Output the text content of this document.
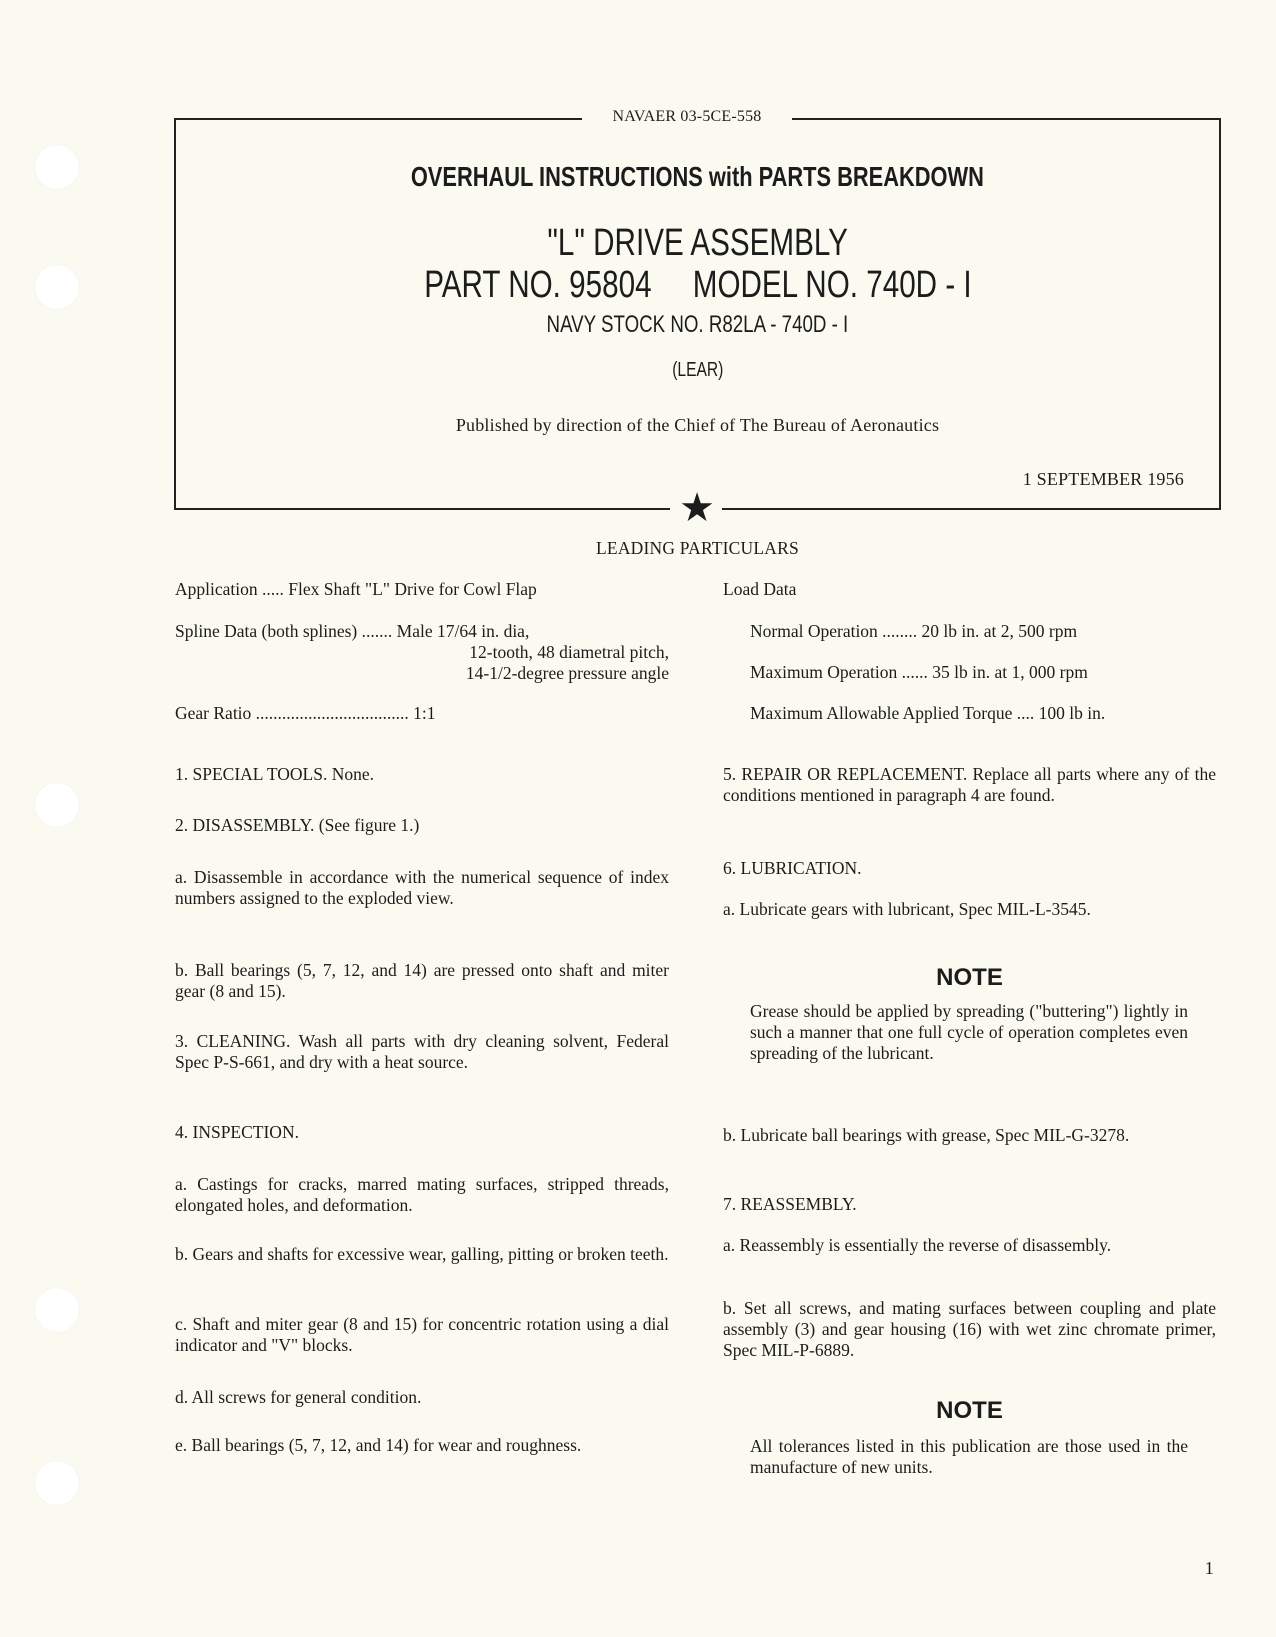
NAVAER 03-5CE-558
★
OVERHAUL INSTRUCTIONS with PARTS BREAKDOWN
"L" DRIVE ASSEMBLY
PART NO. 95804 MODEL NO. 740D - I
NAVY STOCK NO. R82LA - 740D - I
(LEAR)
Published by direction of the Chief of The Bureau of Aeronautics
1 SEPTEMBER 1956
LEADING PARTICULARS
Application ..... Flex Shaft "L" Drive for Cowl Flap
Spline Data (both splines) ....... Male 17/64 in. dia,
12-tooth, 48 diametral pitch,
14-1/2-degree pressure angle
Gear Ratio ................................... 1:1
Load Data
Normal Operation ........ 20 lb in. at 2, 500 rpm
Maximum Operation ...... 35 lb in. at 1, 000 rpm
Maximum Allowable Applied Torque .... 100 lb in.
1. SPECIAL TOOLS. None.
2. DISASSEMBLY. (See figure 1.)
a. Disassemble in accordance with the numerical sequence of index numbers assigned to the exploded view.
b. Ball bearings (5, 7, 12, and 14) are pressed onto shaft and miter gear (8 and 15).
3. CLEANING. Wash all parts with dry cleaning solvent, Federal Spec P-S-661, and dry with a heat source.
4. INSPECTION.
a. Castings for cracks, marred mating surfaces, stripped threads, elongated holes, and deformation.
b. Gears and shafts for excessive wear, galling, pitting or broken teeth.
c. Shaft and miter gear (8 and 15) for concentric rotation using a dial indicator and "V" blocks.
d. All screws for general condition.
e. Ball bearings (5, 7, 12, and 14) for wear and roughness.
5. REPAIR OR REPLACEMENT. Replace all parts where any of the conditions mentioned in paragraph 4 are found.
6. LUBRICATION.
a. Lubricate gears with lubricant, Spec MIL-L-3545.
NOTE
Grease should be applied by spreading ("buttering") lightly in such a manner that one full cycle of operation completes even spreading of the lubricant.
b. Lubricate ball bearings with grease, Spec MIL-G-3278.
7. REASSEMBLY.
a. Reassembly is essentially the reverse of disassembly.
b. Set all screws, and mating surfaces between coupling and plate assembly (3) and gear housing (16) with wet zinc chromate primer, Spec MIL-P-6889.
NOTE
All tolerances listed in this publication are those used in the manufacture of new units.
1
